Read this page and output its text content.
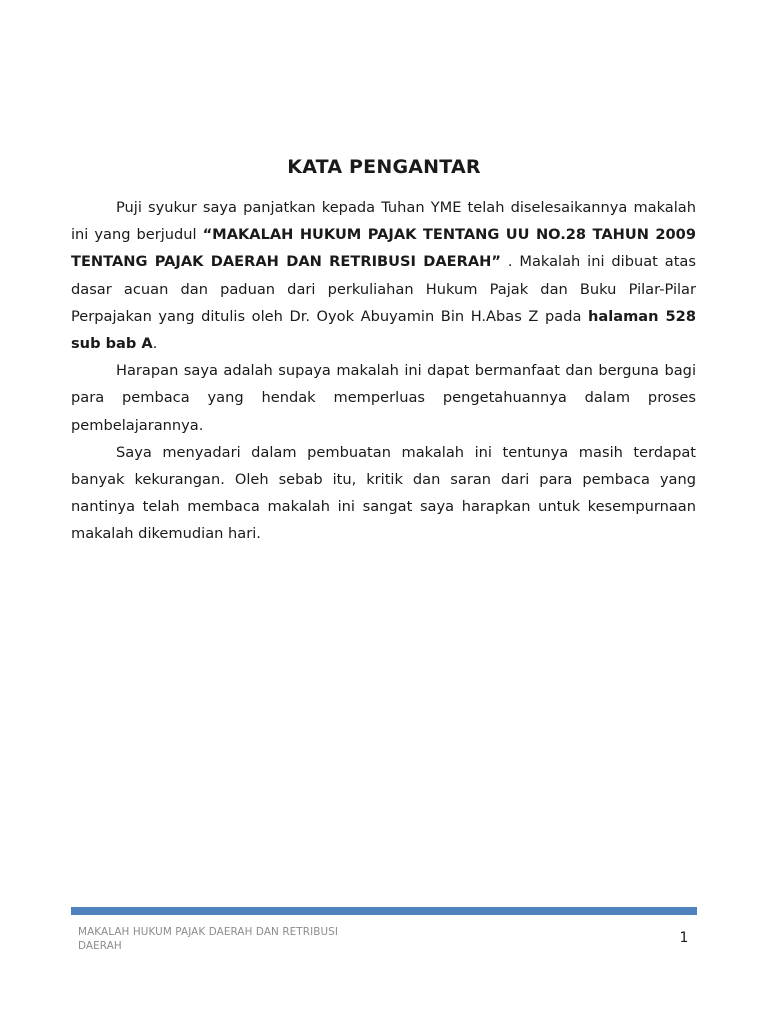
KATA PENGANTAR

Puji syukur saya panjatkan kepada Tuhan YME telah diselesaikannya makalah ini yang berjudul “MAKALAH HUKUM PAJAK TENTANG UU NO.28 TAHUN 2009 TENTANG PAJAK DAERAH DAN RETRIBUSI DAERAH” . Makalah ini dibuat atas dasar acuan dan paduan dari perkuliahan Hukum Pajak dan Buku Pilar-Pilar Perpajakan yang ditulis oleh Dr. Oyok Abuyamin Bin H.Abas Z pada halaman 528 sub bab A.

Harapan saya adalah supaya makalah ini dapat bermanfaat dan berguna bagi para pembaca yang hendak memperluas pengetahuannya dalam proses pembelajarannya.

Saya menyadari dalam pembuatan makalah ini tentunya masih terdapat banyak kekurangan. Oleh sebab itu, kritik dan saran dari para pembaca yang nantinya telah membaca makalah ini sangat saya harapkan untuk kesempurnaan makalah dikemudian hari.

MAKALAH HUKUM PAJAK DAERAH DAN RETRIBUSI DAERAH	1
